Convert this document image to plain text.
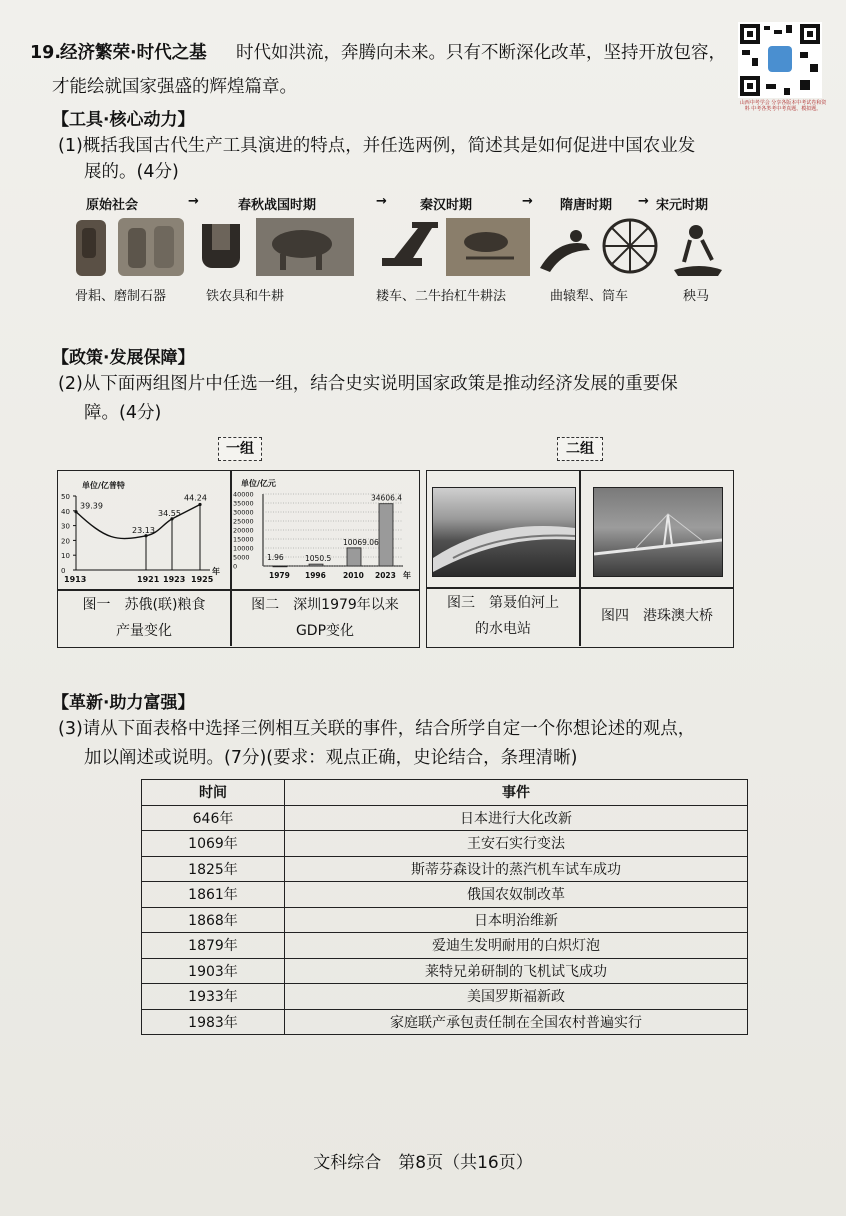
19.
经济繁荣·时代之基 时代如洪流，奔腾向未来。只有不断深化改革，坚持开放包容，
才能绘就国家强盛的辉煌篇章。
山西中考学会 分享各版本中考试卷和资料 中考各类考中考真题、模拟题。
【工具·核心动力】
(1)概括我国古代生产工具演进的特点，并任选两例，简述其是如何促进中国农业发
展的。(4分)
原始社会	→	春秋战国时期	→	秦汉时期	→ 隋唐时期 → 宋元时期
骨耜、磨制石器	铁农具和牛耕	耧车、二牛抬杠牛耕法	曲辕犁、筒车	秧马
【政策·发展保障】
(2)从下面两组图片中任选一组，结合史实说明国家政策是推动经济发展的重要保
障。(4分)
一组	二组
单位/亿普特
0
10
20
30
40
50
39.39
1913
23.13
1921
34.55
1923
44.24
1925
年
单位/亿元
0
5000
10000
15000
20000
25000
30000
35000
40000
1.96
1979
1050.5
1996
10069.06
2010
34606.4
2023 年
图一　苏俄(联)粮食
产量变化
图二　深圳1979年以来
GDP变化
图三　第聂伯河上
的水电站
图四　港珠澳大桥
【革新·助力富强】
(3)请从下面表格中选择三例相互关联的事件，结合所学自定一个你想论述的观点，
加以阐述或说明。(7分)(要求：观点正确，史论结合，条理清晰)
时间	事件
646年	日本进行大化改新
1069年	王安石实行变法
1825年	斯蒂芬森设计的蒸汽机车试车成功
1861年	俄国农奴制改革
1868年	日本明治维新
1879年	爱迪生发明耐用的白炽灯泡
1903年	莱特兄弟研制的飞机试飞成功
1933年	美国罗斯福新政
1983年	家庭联产承包责任制在全国农村普遍实行
文科综合　第8页（共16页）
